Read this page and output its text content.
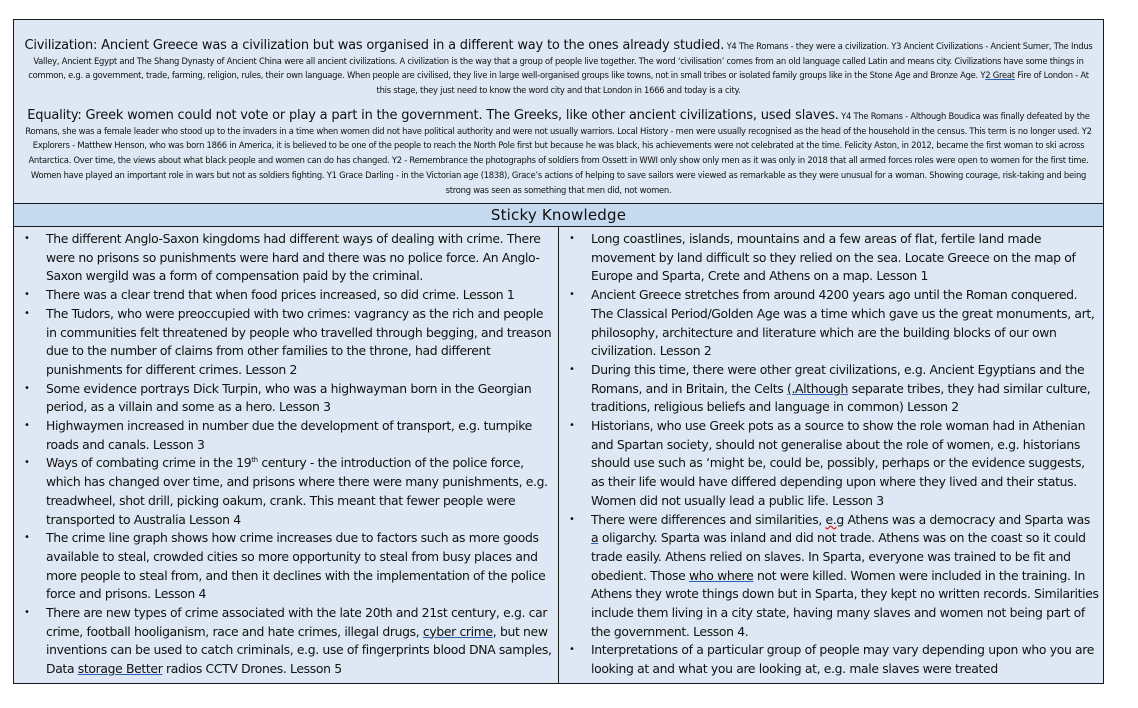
Civilization: Ancient Greece was a civilization but was organised in a different way to the ones already studied. Y4 The Romans - they were a civilization. Y3 Ancient Civilizations - Ancient Sumer, The Indus Valley, Ancient Egypt and The Shang Dynasty of Ancient China were all ancient civilizations. A civilization is the way that a group of people live together. The word ‘civilisation’ comes from an old language called Latin and means city. Civilizations have some things in common, e.g. a government, trade, farming, religion, rules, their own language. When people are civilised, they live in large well-organised groups like towns, not in small tribes or isolated family groups like in the Stone Age and Bronze Age. Y2 Great Fire of London - At this stage, they just need to know the word city and that London in 1666 and today is a city.
Equality: Greek women could not vote or play a part in the government. The Greeks, like other ancient civilizations, used slaves. Y4 The Romans - Although Boudica was finally defeated by the Romans, she was a female leader who stood up to the invaders in a time when women did not have political authority and were not usually warriors. Local History - men were usually recognised as the head of the household in the census. This term is no longer used. Y2 Explorers - Matthew Henson, who was born 1866 in America, it is believed to be one of the people to reach the North Pole first but because he was black, his achievements were not celebrated at the time. Felicity Aston, in 2012, became the first woman to ski across Antarctica. Over time, the views about what black people and women can do has changed. Y2 - Remembrance the photographs of soldiers from Ossett in WWI only show only men as it was only in 2018 that all armed forces roles were open to women for the first time. Women have played an important role in wars but not as soldiers fighting. Y1 Grace Darling - in the Victorian age (1838), Grace’s actions of helping to save sailors were viewed as remarkable as they were unusual for a woman. Showing courage, risk-taking and being strong was seen as something that men did, not women.
Sticky Knowledge
• The different Anglo-Saxon kingdoms had different ways of dealing with crime. There were no prisons so punishments were hard and there was no police force. An Anglo-Saxon wergild was a form of compensation paid by the criminal.
• There was a clear trend that when food prices increased, so did crime. Lesson 1
• The Tudors, who were preoccupied with two crimes: vagrancy as the rich and people in communities felt threatened by people who travelled through begging, and treason due to the number of claims from other families to the throne, had different punishments for different crimes. Lesson 2
• Some evidence portrays Dick Turpin, who was a highwayman born in the Georgian period, as a villain and some as a hero. Lesson 3
• Highwaymen increased in number due the development of transport, e.g. turnpike roads and canals. Lesson 3
• Ways of combating crime in the 19th century - the introduction of the police force, which has changed over time, and prisons where there were many punishments, e.g. treadwheel, shot drill, picking oakum, crank. This meant that fewer people were transported to Australia Lesson 4
• The crime line graph shows how crime increases due to factors such as more goods available to steal, crowded cities so more opportunity to steal from busy places and more people to steal from, and then it declines with the implementation of the police force and prisons. Lesson 4
• There are new types of crime associated with the late 20th and 21st century, e.g. car crime, football hooliganism, race and hate crimes, illegal drugs, cyber crime, but new inventions can be used to catch criminals, e.g. use of fingerprints blood DNA samples, Data storage Better radios CCTV Drones. Lesson 5
• Long coastlines, islands, mountains and a few areas of flat, fertile land made movement by land difficult so they relied on the sea. Locate Greece on the map of Europe and Sparta, Crete and Athens on a map. Lesson 1
• Ancient Greece stretches from around 4200 years ago until the Roman conquered. The Classical Period/Golden Age was a time which gave us the great monuments, art, philosophy, architecture and literature which are the building blocks of our own civilization. Lesson 2
• During this time, there were other great civilizations, e.g. Ancient Egyptians and the Romans, and in Britain, the Celts (.Although separate tribes, they had similar culture, traditions, religious beliefs and language in common) Lesson 2
• Historians, who use Greek pots as a source to show the role woman had in Athenian and Spartan society, should not generalise about the role of women, e.g. historians should use such as ‘might be, could be, possibly, perhaps or the evidence suggests, as their life would have differed depending upon where they lived and their status. Women did not usually lead a public life. Lesson 3
• There were differences and similarities, e.g Athens was a democracy and Sparta was a oligarchy. Sparta was inland and did not trade. Athens was on the coast so it could trade easily. Athens relied on slaves. In Sparta, everyone was trained to be fit and obedient. Those who where not were killed. Women were included in the training. In Athens they wrote things down but in Sparta, they kept no written records. Similarities include them living in a city state, having many slaves and women not being part of the government. Lesson 4.
• Interpretations of a particular group of people may vary depending upon who you are looking at and what you are looking at, e.g. male slaves were treated
